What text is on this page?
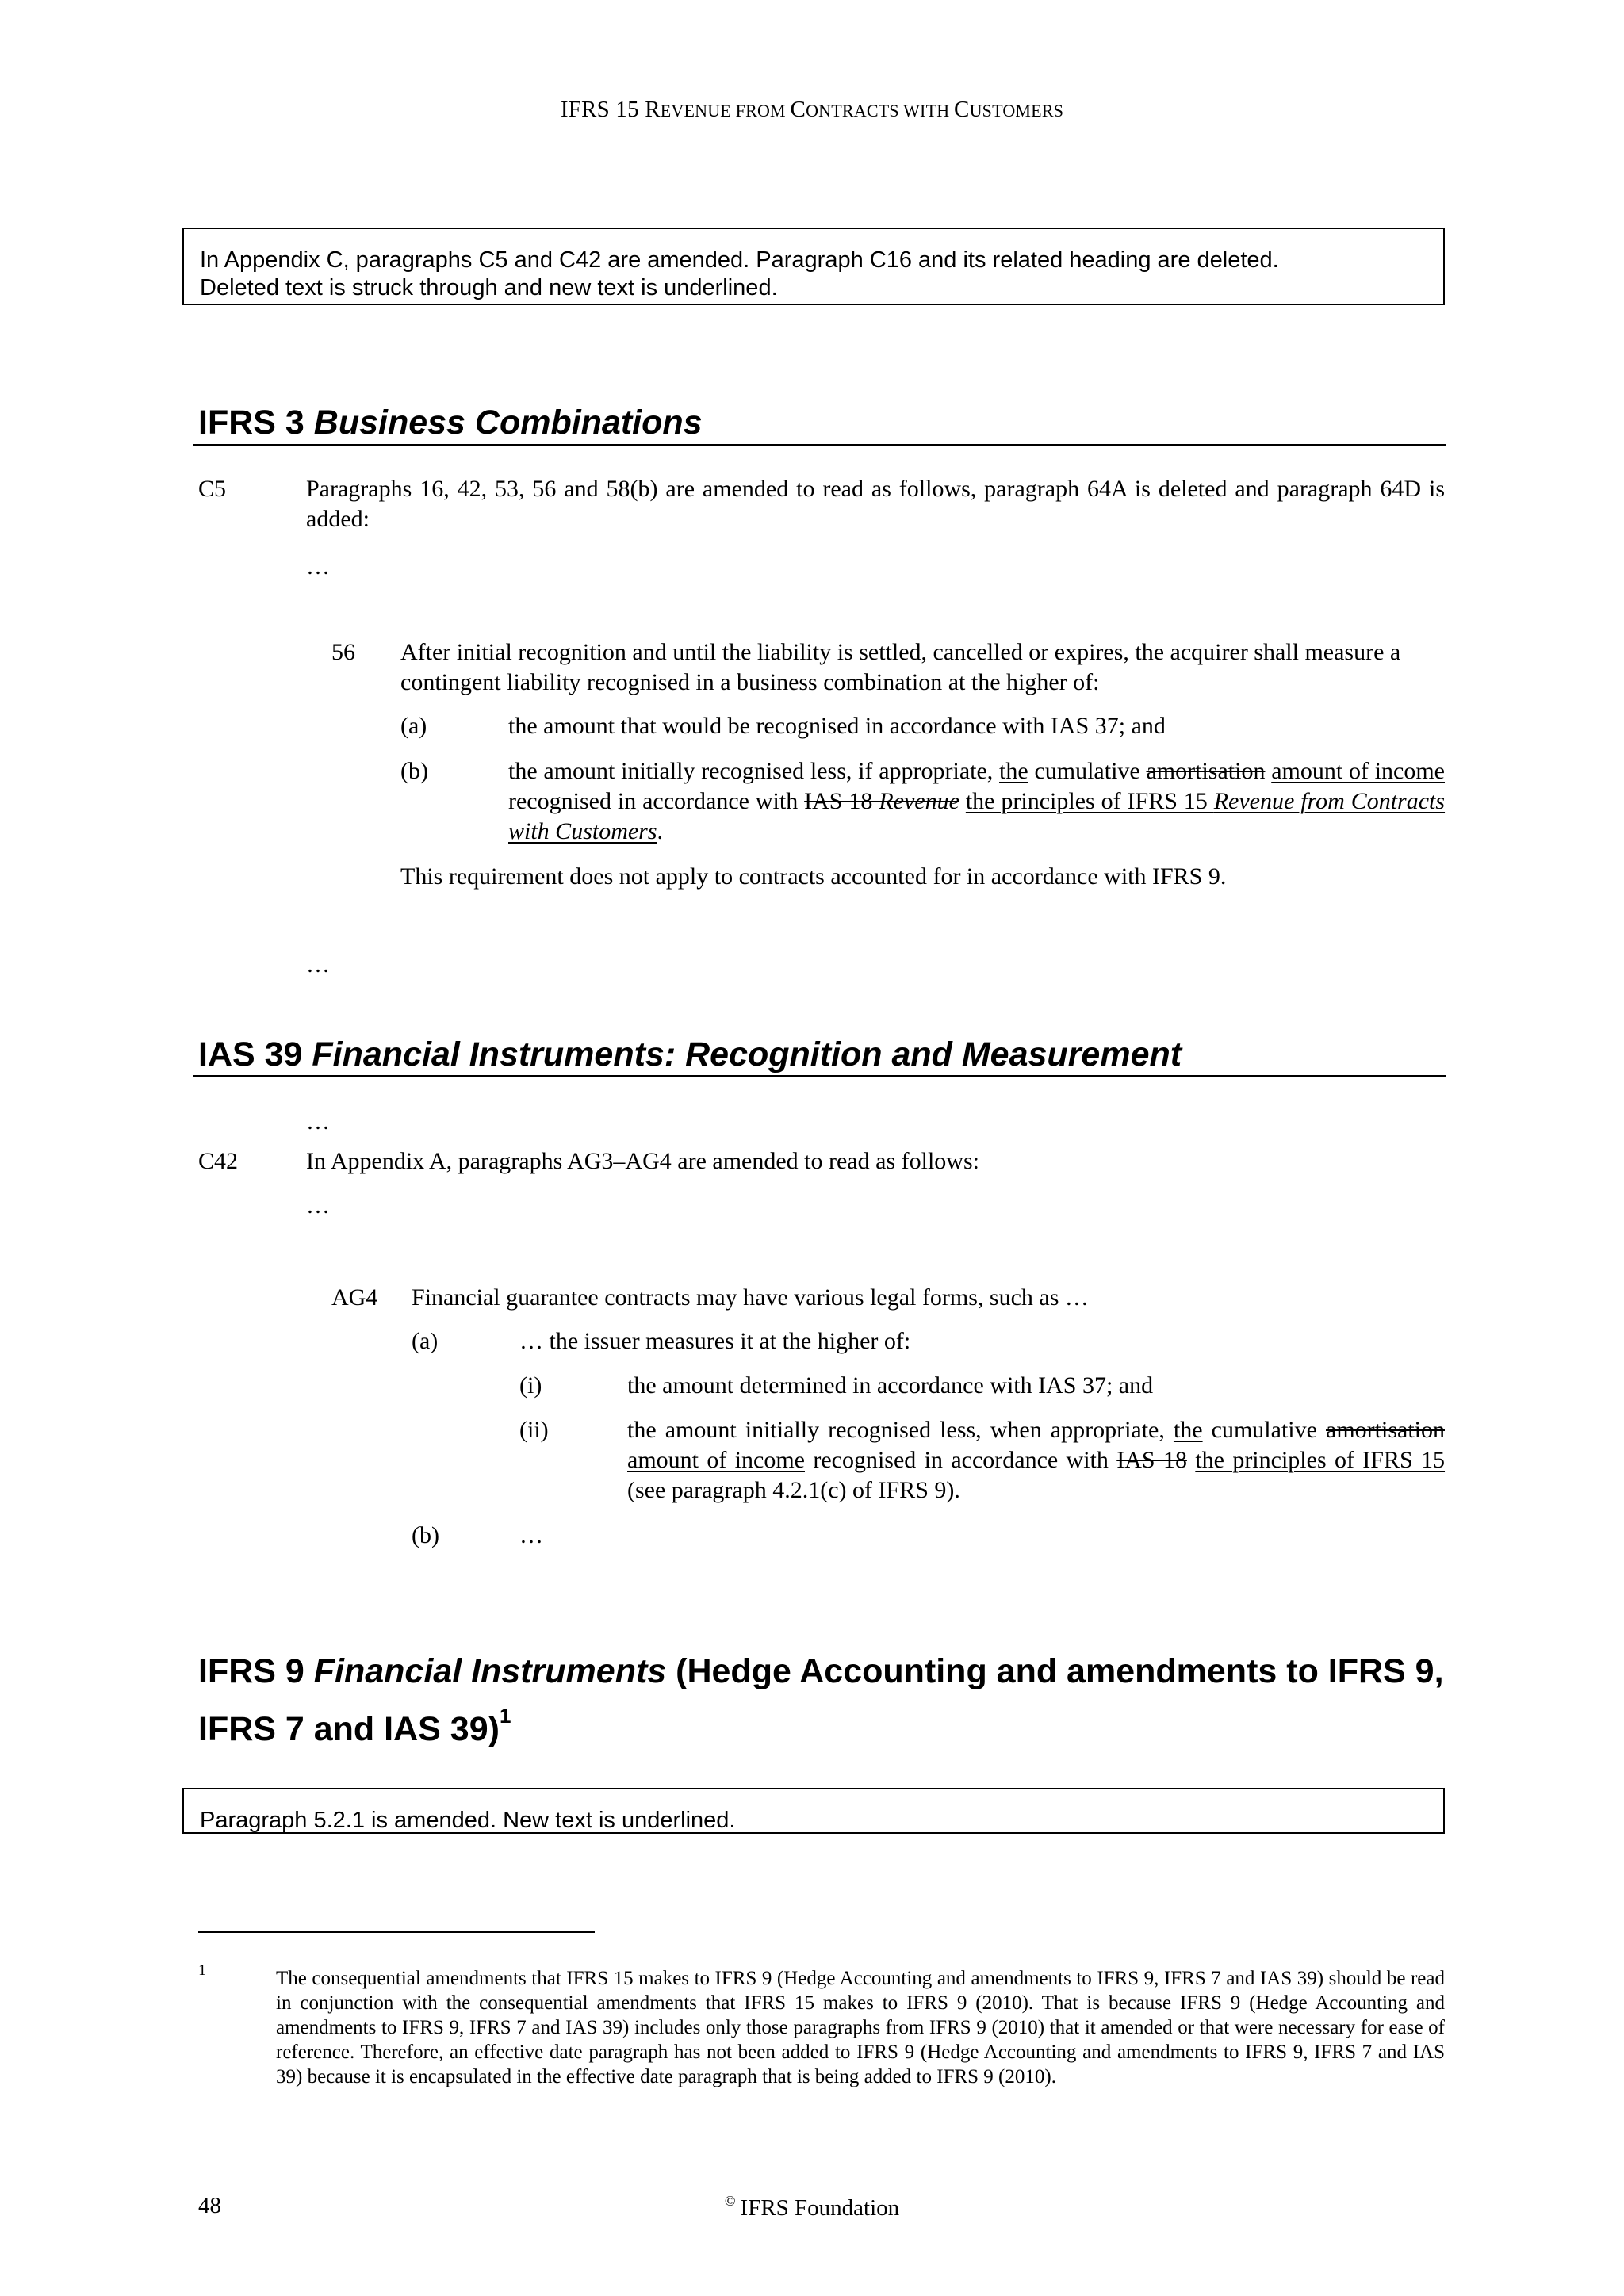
IFRS 15 REVENUE FROM CONTRACTS WITH CUSTOMERS
In Appendix C, paragraphs C5 and C42 are amended. Paragraph C16 and its related heading are deleted.
Deleted text is struck through and new text is underlined.
IFRS 3 Business Combinations
C5	Paragraphs 16, 42, 53, 56 and 58(b) are amended to read as follows, paragraph 64A is deleted and paragraph 64D is added:
…
56 After initial recognition and until the liability is settled, cancelled or expires, the acquirer shall measure a contingent liability recognised in a business combination at the higher of:
(a)	the amount that would be recognised in accordance with IAS 37; and
(b)	the amount initially recognised less, if appropriate, the cumulative amortisation amount of income recognised in accordance with IAS 18 Revenue the principles of IFRS 15 Revenue from Contracts with Customers.
This requirement does not apply to contracts accounted for in accordance with IFRS 9.
…
IAS 39 Financial Instruments: Recognition and Measurement
…
C42	In Appendix A, paragraphs AG3–AG4 are amended to read as follows:
…
AG4 Financial guarantee contracts may have various legal forms, such as …
(a)	… the issuer measures it at the higher of:
(i)	the amount determined in accordance with IAS 37; and
(ii)	the amount initially recognised less, when appropriate, the cumulative amortisation amount of income recognised in accordance with IAS 18 the principles of IFRS 15 (see paragraph 4.2.1(c) of IFRS 9).
(b)	…
IFRS 9 Financial Instruments (Hedge Accounting and amendments to IFRS 9, IFRS 7 and IAS 39)$^1$
Paragraph 5.2.1 is amended. New text is underlined.
1	The consequential amendments that IFRS 15 makes to IFRS 9 (Hedge Accounting and amendments to IFRS 9, IFRS 7 and IAS 39) should be read in conjunction with the consequential amendments that IFRS 15 makes to IFRS 9 (2010). That is because IFRS 9 (Hedge Accounting and amendments to IFRS 9, IFRS 7 and IAS 39) includes only those paragraphs from IFRS 9 (2010) that it amended or that were necessary for ease of reference. Therefore, an effective date paragraph has not been added to IFRS 9 (Hedge Accounting and amendments to IFRS 9, IFRS 7 and IAS 39) because it is encapsulated in the effective date paragraph that is being added to IFRS 9 (2010).
48	© IFRS Foundation
